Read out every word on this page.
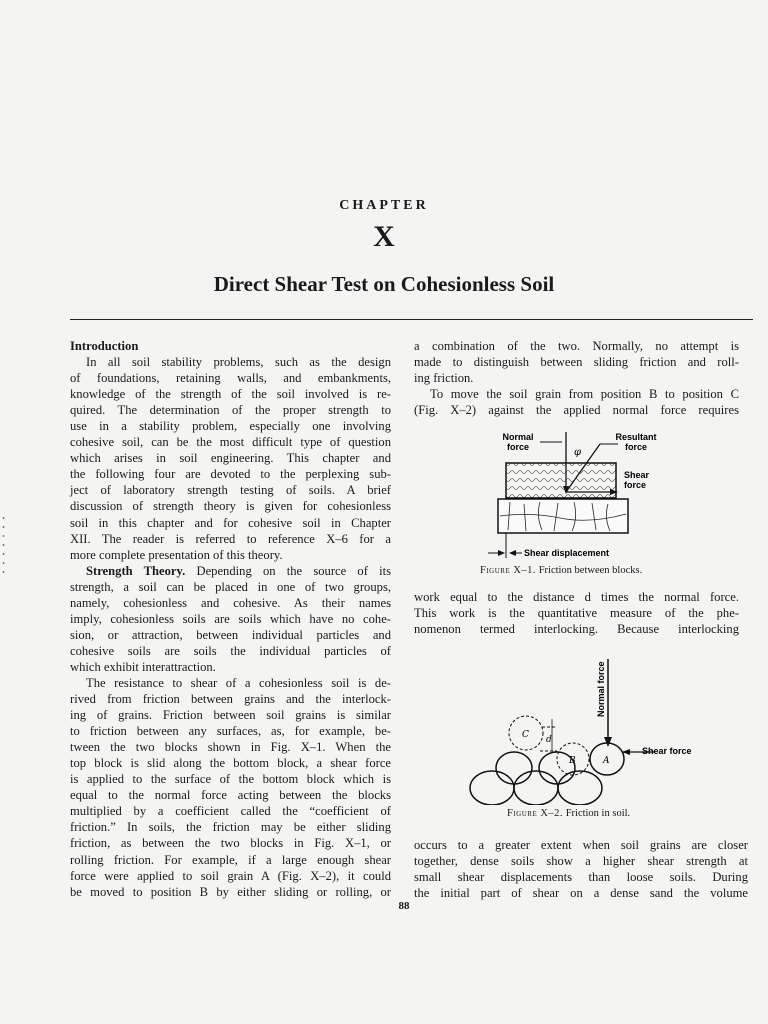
CHAPTER
X
Direct Shear Test on Cohesionless Soil
Introduction
In all soil stability problems, such as the design
of foundations, retaining walls, and embankments,
knowledge of the strength of the soil involved is re-
quired. The determination of the proper strength to
use in a stability problem, especially one involving
cohesive soil, can be the most difficult type of question
which arises in soil engineering. This chapter and
the following four are devoted to the perplexing sub-
ject of laboratory strength testing of soils. A brief
discussion of strength theory is given for cohesionless
soil in this chapter and for cohesive soil in Chapter
XII. The reader is referred to reference X–6 for a
more complete presentation of this theory.
Strength Theory. Depending on the source of its
strength, a soil can be placed in one of two groups,
namely, cohesionless and cohesive. As their names
imply, cohesionless soils are soils which have no cohe-
sion, or attraction, between individual particles and
cohesive soils are soils the individual particles of
which exhibit interattraction.
The resistance to shear of a cohesionless soil is de-
rived from friction between grains and the interlock-
ing of grains. Friction between soil grains is similar
to friction between any surfaces, as, for example, be-
tween the two blocks shown in Fig. X–1. When the
top block is slid along the bottom block, a shear force
is applied to the surface of the bottom block which is
equal to the normal force acting between the blocks
multiplied by a coefficient called the “coefficient of
friction.” In soils, the friction may be either sliding
friction, as between the two blocks in Fig. X–1, or
rolling friction. For example, if a large enough shear
force were applied to soil grain A (Fig. X–2), it could
be moved to position B by either sliding or rolling, or
a combination of the two. Normally, no attempt is
made to distinguish between sliding friction and roll-
ing friction.
To move the soil grain from position B to position C
(Fig. X–2) against the applied normal force requires
Normal
force
Resultant
force
Shear
force
φ
Shear displacement
Figure X–1. Friction between blocks.
work equal to the distance d times the normal force.
This work is the quantitative measure of the phe-
nomenon termed interlocking. Because interlocking
Normal force
Shear force
d
C
B	A
Figure X–2. Friction in soil.
occurs to a greater extent when soil grains are closer
together, dense soils show a higher shear strength at
small shear displacements than loose soils. During
the initial part of shear on a dense sand the volume
88
